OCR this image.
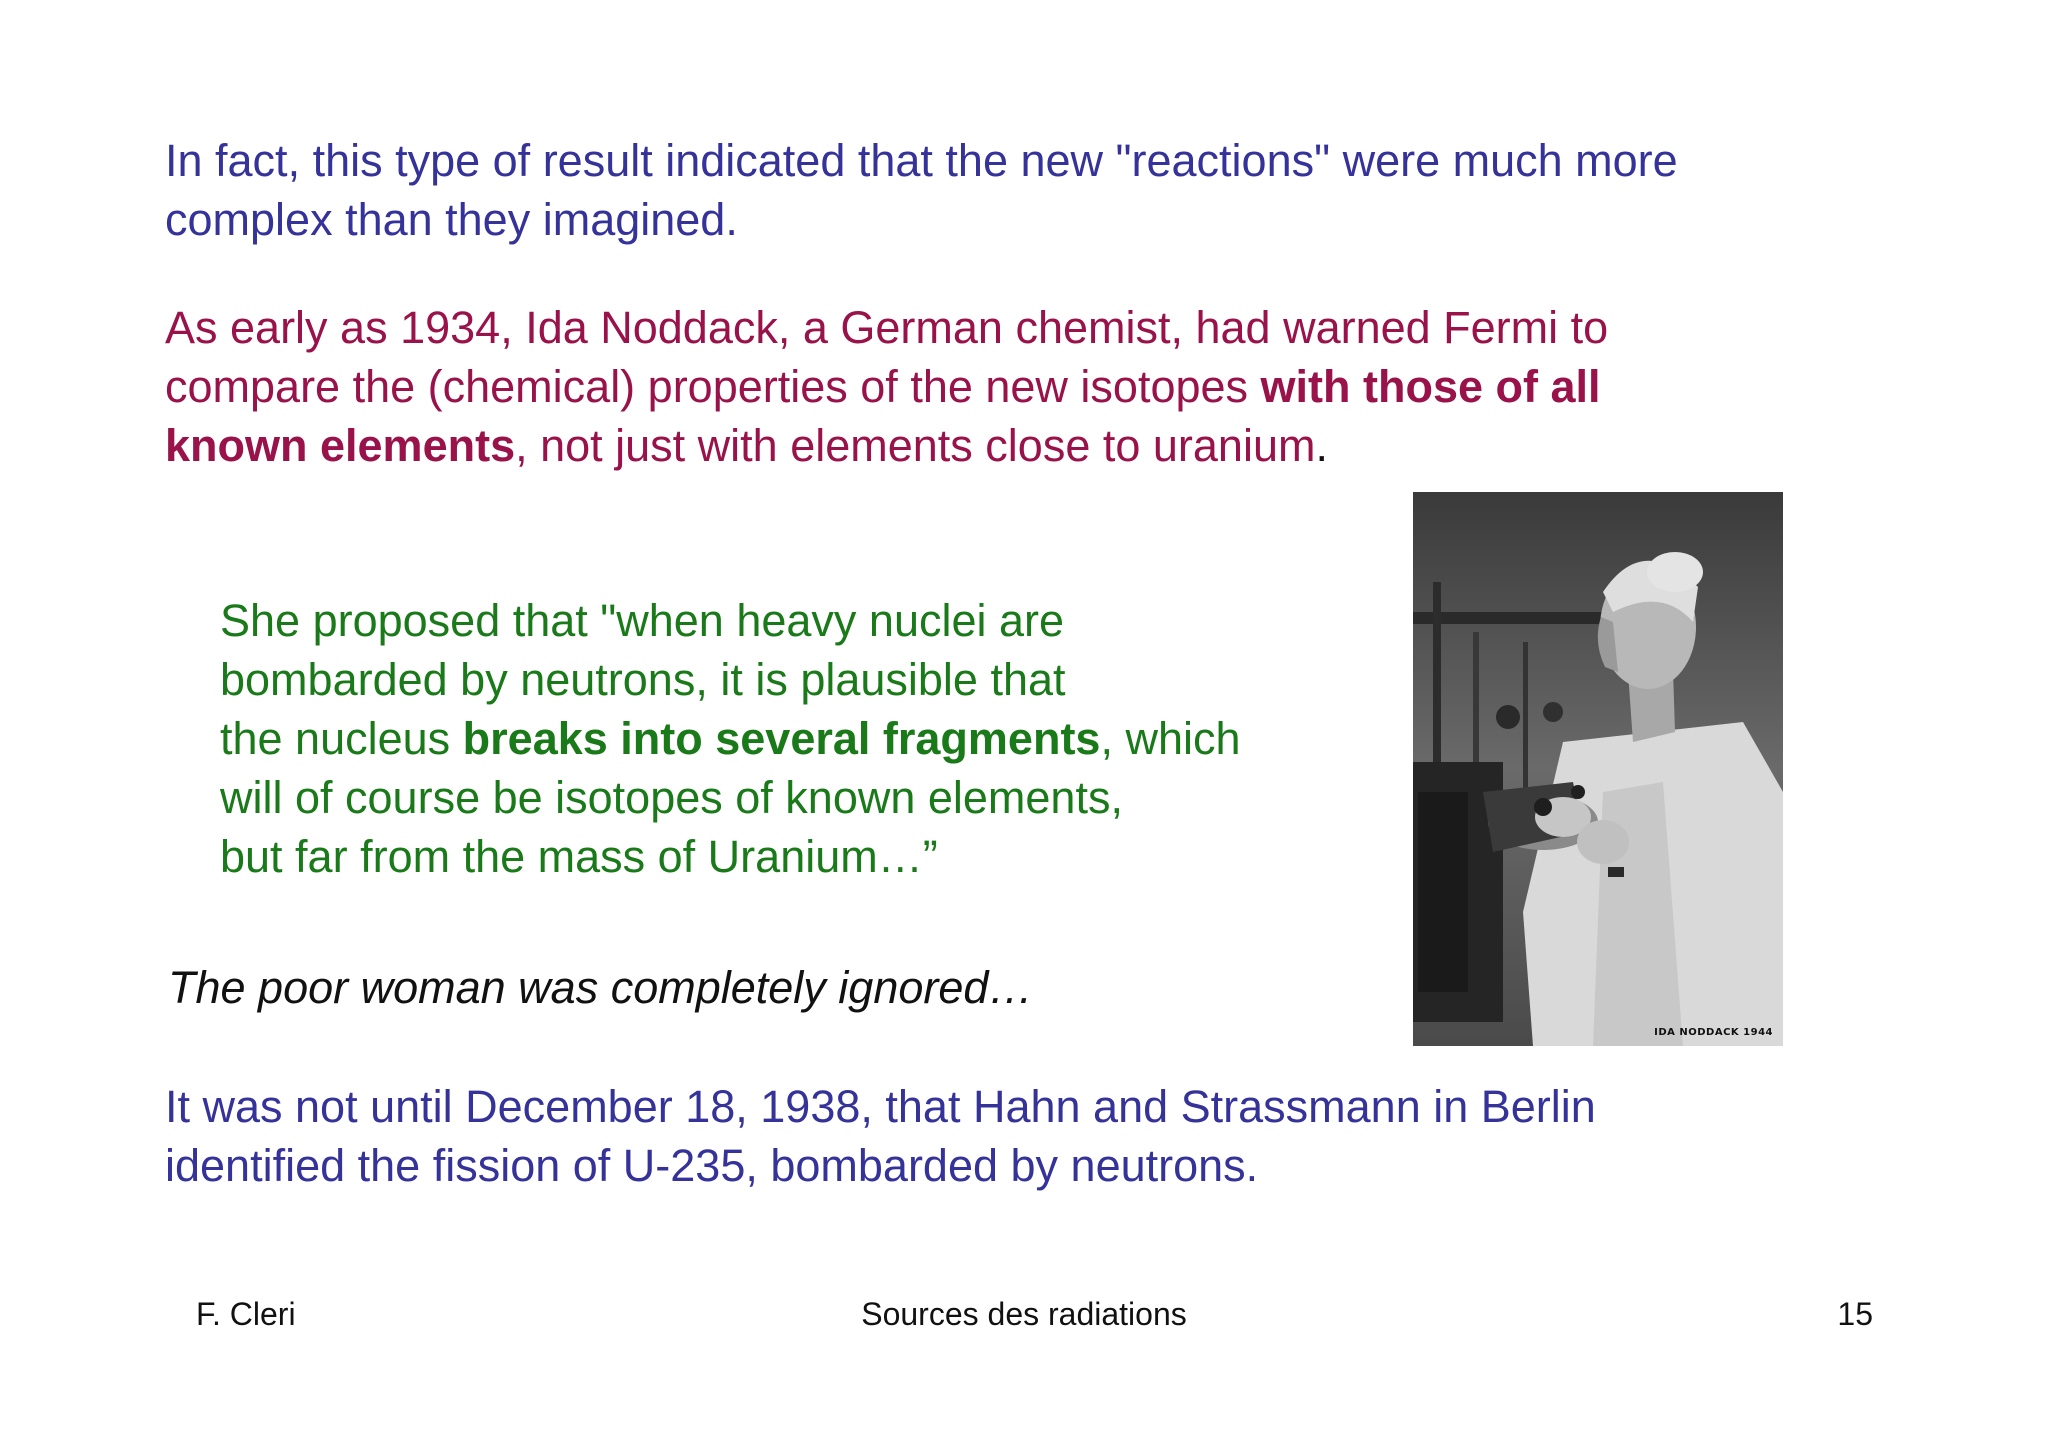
In fact, this type of result indicated that the new "reactions" were much more
complex than they imagined.

As early as 1934, Ida Noddack, a German chemist, had warned Fermi to
compare the (chemical) properties of the new isotopes with those of all
known elements, not just with elements close to uranium.

She proposed that "when heavy nuclei are
bombarded by neutrons, it is plausible that
the nucleus breaks into several fragments, which
will of course be isotopes of known elements,
but far from the mass of Uranium…”

The poor woman was completely ignored…

It was not until December 18, 1938, that Hahn and Strassmann in Berlin
identified the fission of U-235, bombarded by neutrons.

IDA NODDACK 1944
F. Cleri	Sources des radiations	15
